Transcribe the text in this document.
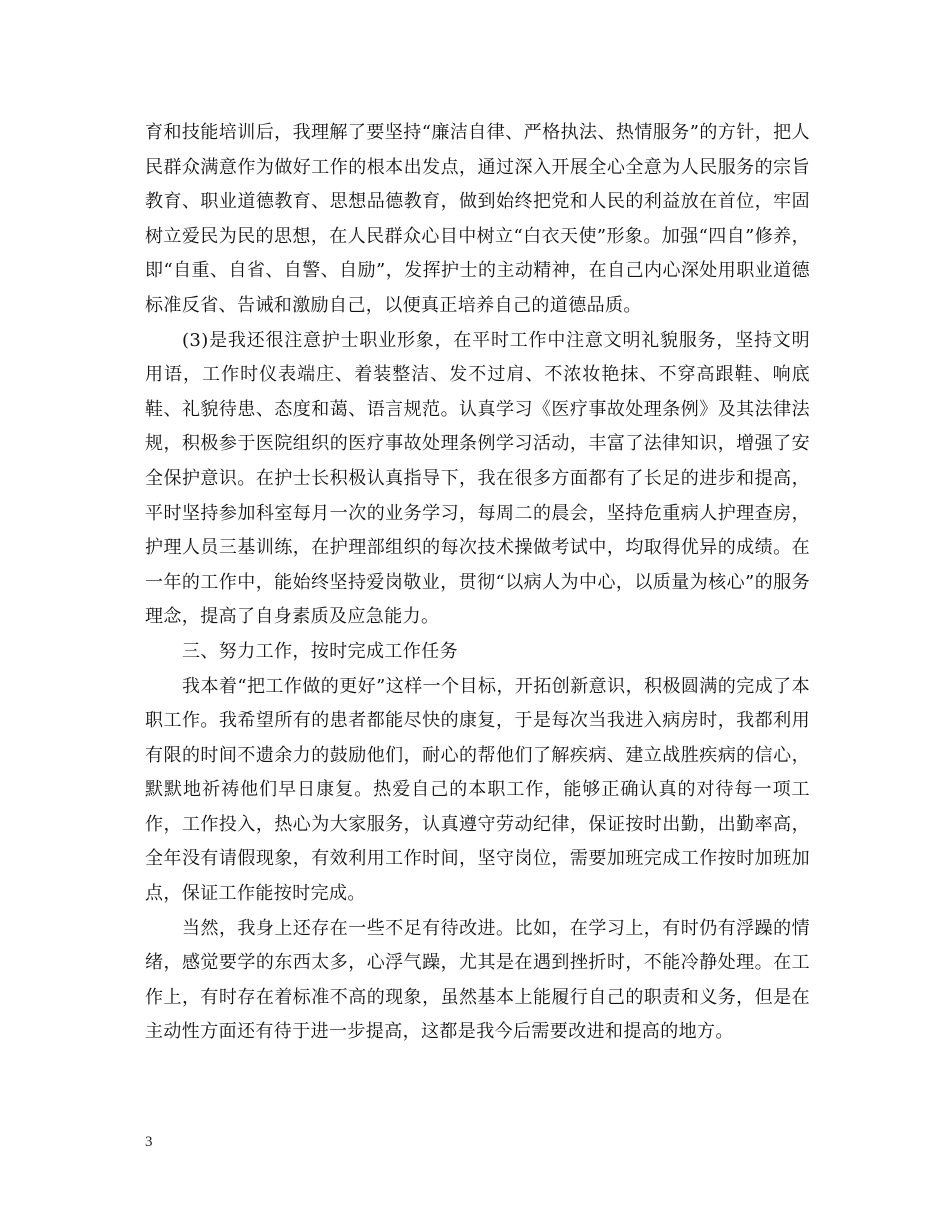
育和技能培训后，我理解了要坚持“廉洁自律、严格执法、热情服务”的方针，把人民群众满意作为做好工作的根本出发点，通过深入开展全心全意为人民服务的宗旨教育、职业道德教育、思想品德教育，做到始终把党和人民的利益放在首位，牢固树立爱民为民的思想，在人民群众心目中树立“白衣天使”形象。加强“四自”修养，即“自重、自省、自警、自励”，发挥护士的主动精神，在自己内心深处用职业道德标准反省、告诫和激励自己，以便真正培养自己的道德品质。

(3)是我还很注意护士职业形象，在平时工作中注意文明礼貌服务，坚持文明用语，工作时仪表端庄、着装整洁、发不过肩、不浓妆艳抹、不穿高跟鞋、响底鞋、礼貌待患、态度和蔼、语言规范。认真学习《医疗事故处理条例》及其法律法规，积极参于医院组织的医疗事故处理条例学习活动，丰富了法律知识，增强了安全保护意识。在护士长积极认真指导下，我在很多方面都有了长足的进步和提高，平时坚持参加科室每月一次的业务学习，每周二的晨会，坚持危重病人护理查房，护理人员三基训练，在护理部组织的每次技术操做考试中，均取得优异的成绩。在一年的工作中，能始终坚持爱岗敬业，贯彻“以病人为中心，以质量为核心”的服务理念，提高了自身素质及应急能力。

三、努力工作，按时完成工作任务

我本着“把工作做的更好”这样一个目标，开拓创新意识，积极圆满的完成了本职工作。我希望所有的患者都能尽快的康复，于是每次当我进入病房时，我都利用有限的时间不遗余力的鼓励他们，耐心的帮他们了解疾病、建立战胜疾病的信心，默默地祈祷他们早日康复。热爱自己的本职工作，能够正确认真的对待每一项工作，工作投入，热心为大家服务，认真遵守劳动纪律，保证按时出勤，出勤率高，全年没有请假现象，有效利用工作时间，坚守岗位，需要加班完成工作按时加班加点，保证工作能按时完成。

当然，我身上还存在一些不足有待改进。比如，在学习上，有时仍有浮躁的情绪，感觉要学的东西太多，心浮气躁，尤其是在遇到挫折时，不能冷静处理。在工作上，有时存在着标准不高的现象，虽然基本上能履行自己的职责和义务，但是在主动性方面还有待于进一步提高，这都是我今后需要改进和提高的地方。

3
